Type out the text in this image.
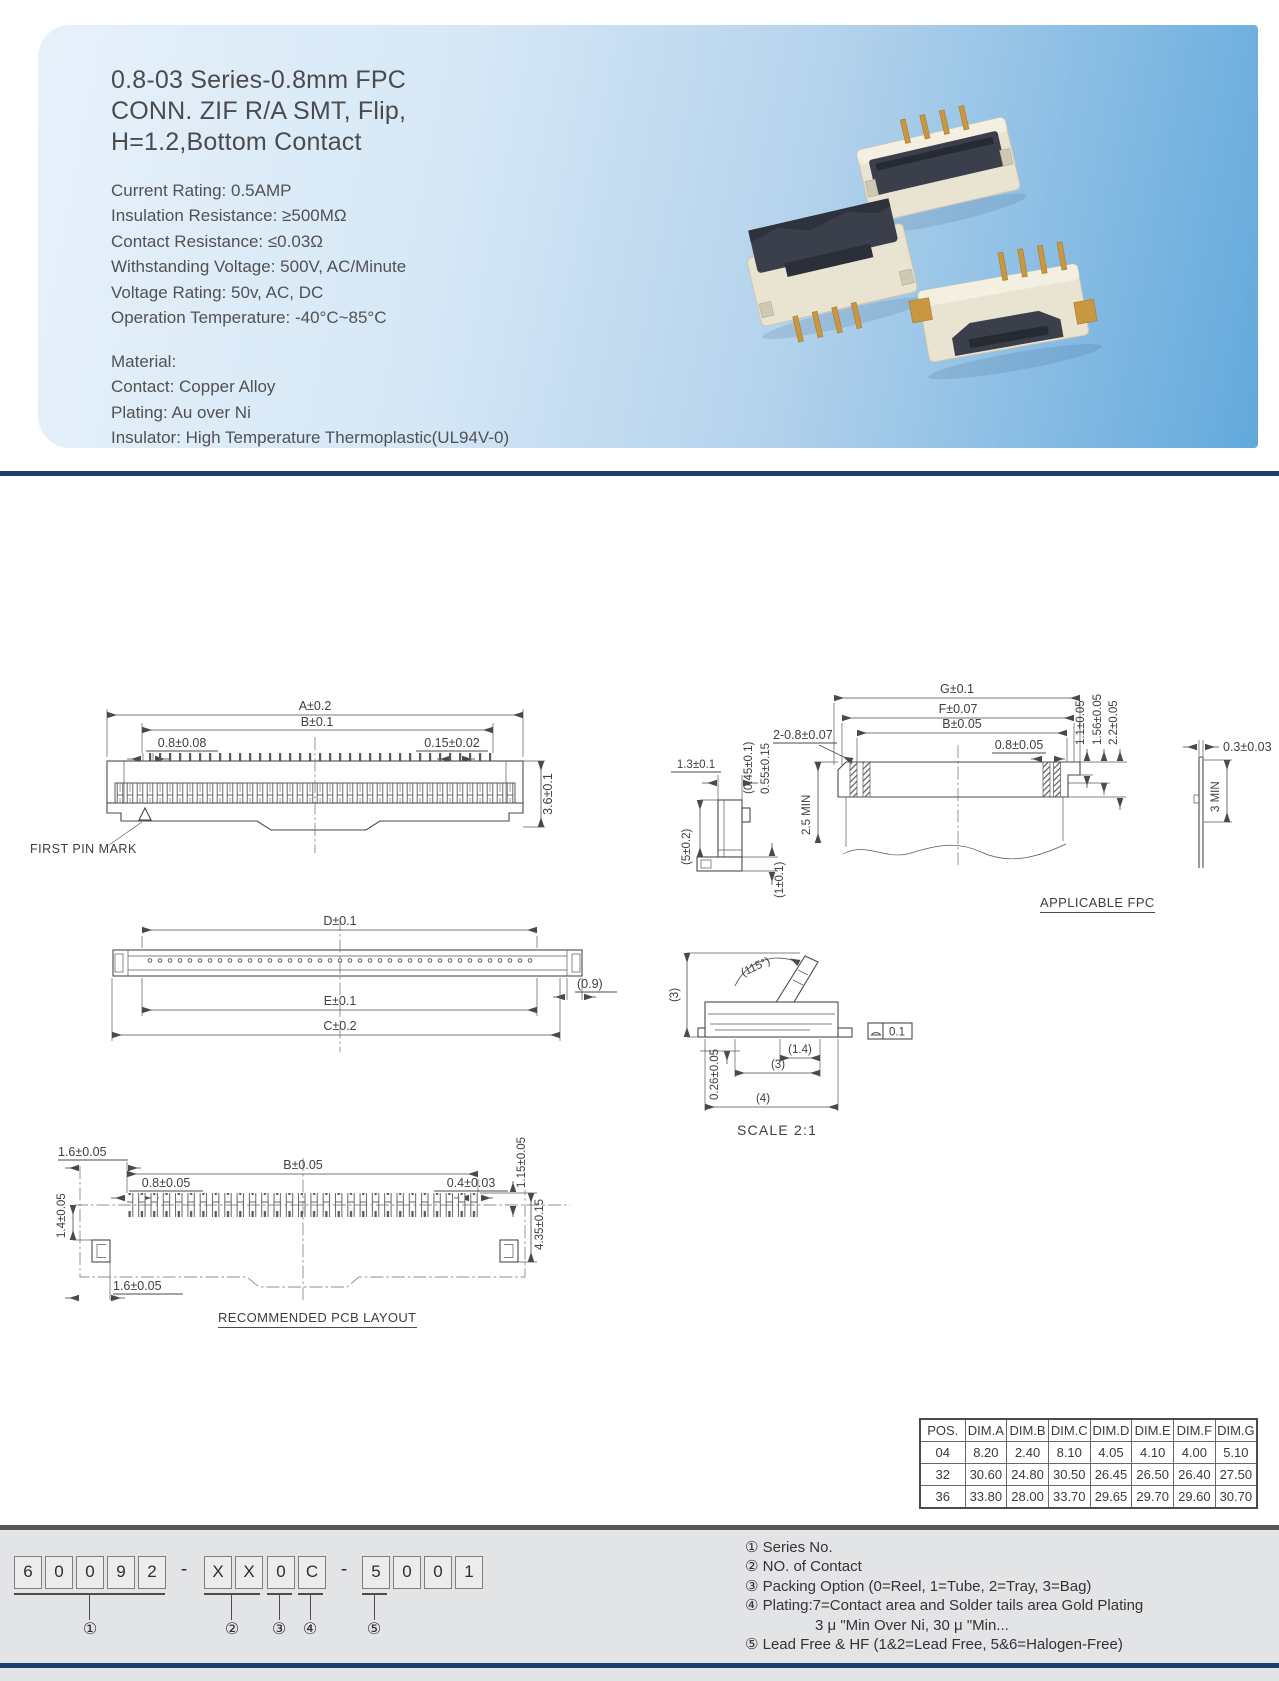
0.8-03 Series-0.8mm FPC
CONN. ZIF R/A SMT, Flip,
H=1.2,Bottom Contact
Current Rating: 0.5AMP
Insulation Resistance: ≥500MΩ
Contact Resistance: ≤0.03Ω
Withstanding Voltage: 500V, AC/Minute
Voltage Rating: 50v, AC, DC
Operation Temperature: -40°C~85°C
Material:
Contact: Copper Alloy
Plating: Au over Ni
Insulator: High Temperature Thermoplastic(UL94V-0)
A±0.2
B±0.1
0.8±0.08	0.15±0.02
3.6±0.1
FIRST PIN MARK
1.3±0.1 (0.45±0.1) 0.55±0.15
(5±0.2)
(1±0.1)
G±0.1
F±0.07
B±0.05
0.8±0.05
2-0.8±0.07
2.5 MIN
1.1±0.05 1.56±0.05 2.2±0.05
0.3±0.03
3 MIN
D±0.1
(0.9)
E±0.1
C±0.2
(3)
(115°)
0.26±0.05	(1.4)
(3)
(4)
0.1
SCALE 2:1
APPLICABLE FPC
1.6±0.05
B±0.05
0.8±0.05	0.4±0.03 1.15±0.05
1.4±0.05	4.35±0.15
1.6±0.05
RECOMMENDED PCB LAYOUT
POS.	DIM.A	DIM.B	DIM.C	DIM.D	DIM.E	DIM.F	DIM.G
04	8.20	2.40	8.10	4.05	4.10	4.00	5.10
32	30.60	24.80	30.50	26.45	26.50	26.40	27.50
36	33.80	28.00	33.70	29.65	29.70	29.60	30.70
6	0	0	9	2	-	X	X	0	C	-	5	0	0	1
①	②	③	④	⑤
① Series No.
② NO. of Contact
③ Packing Option (0=Reel, 1=Tube, 2=Tray, 3=Bag)
④ Plating:7=Contact area and Solder tails area Gold Plating
3 μ "Min Over Ni, 30 μ "Min...
⑤ Lead Free & HF (1&2=Lead Free, 5&6=Halogen-Free)
